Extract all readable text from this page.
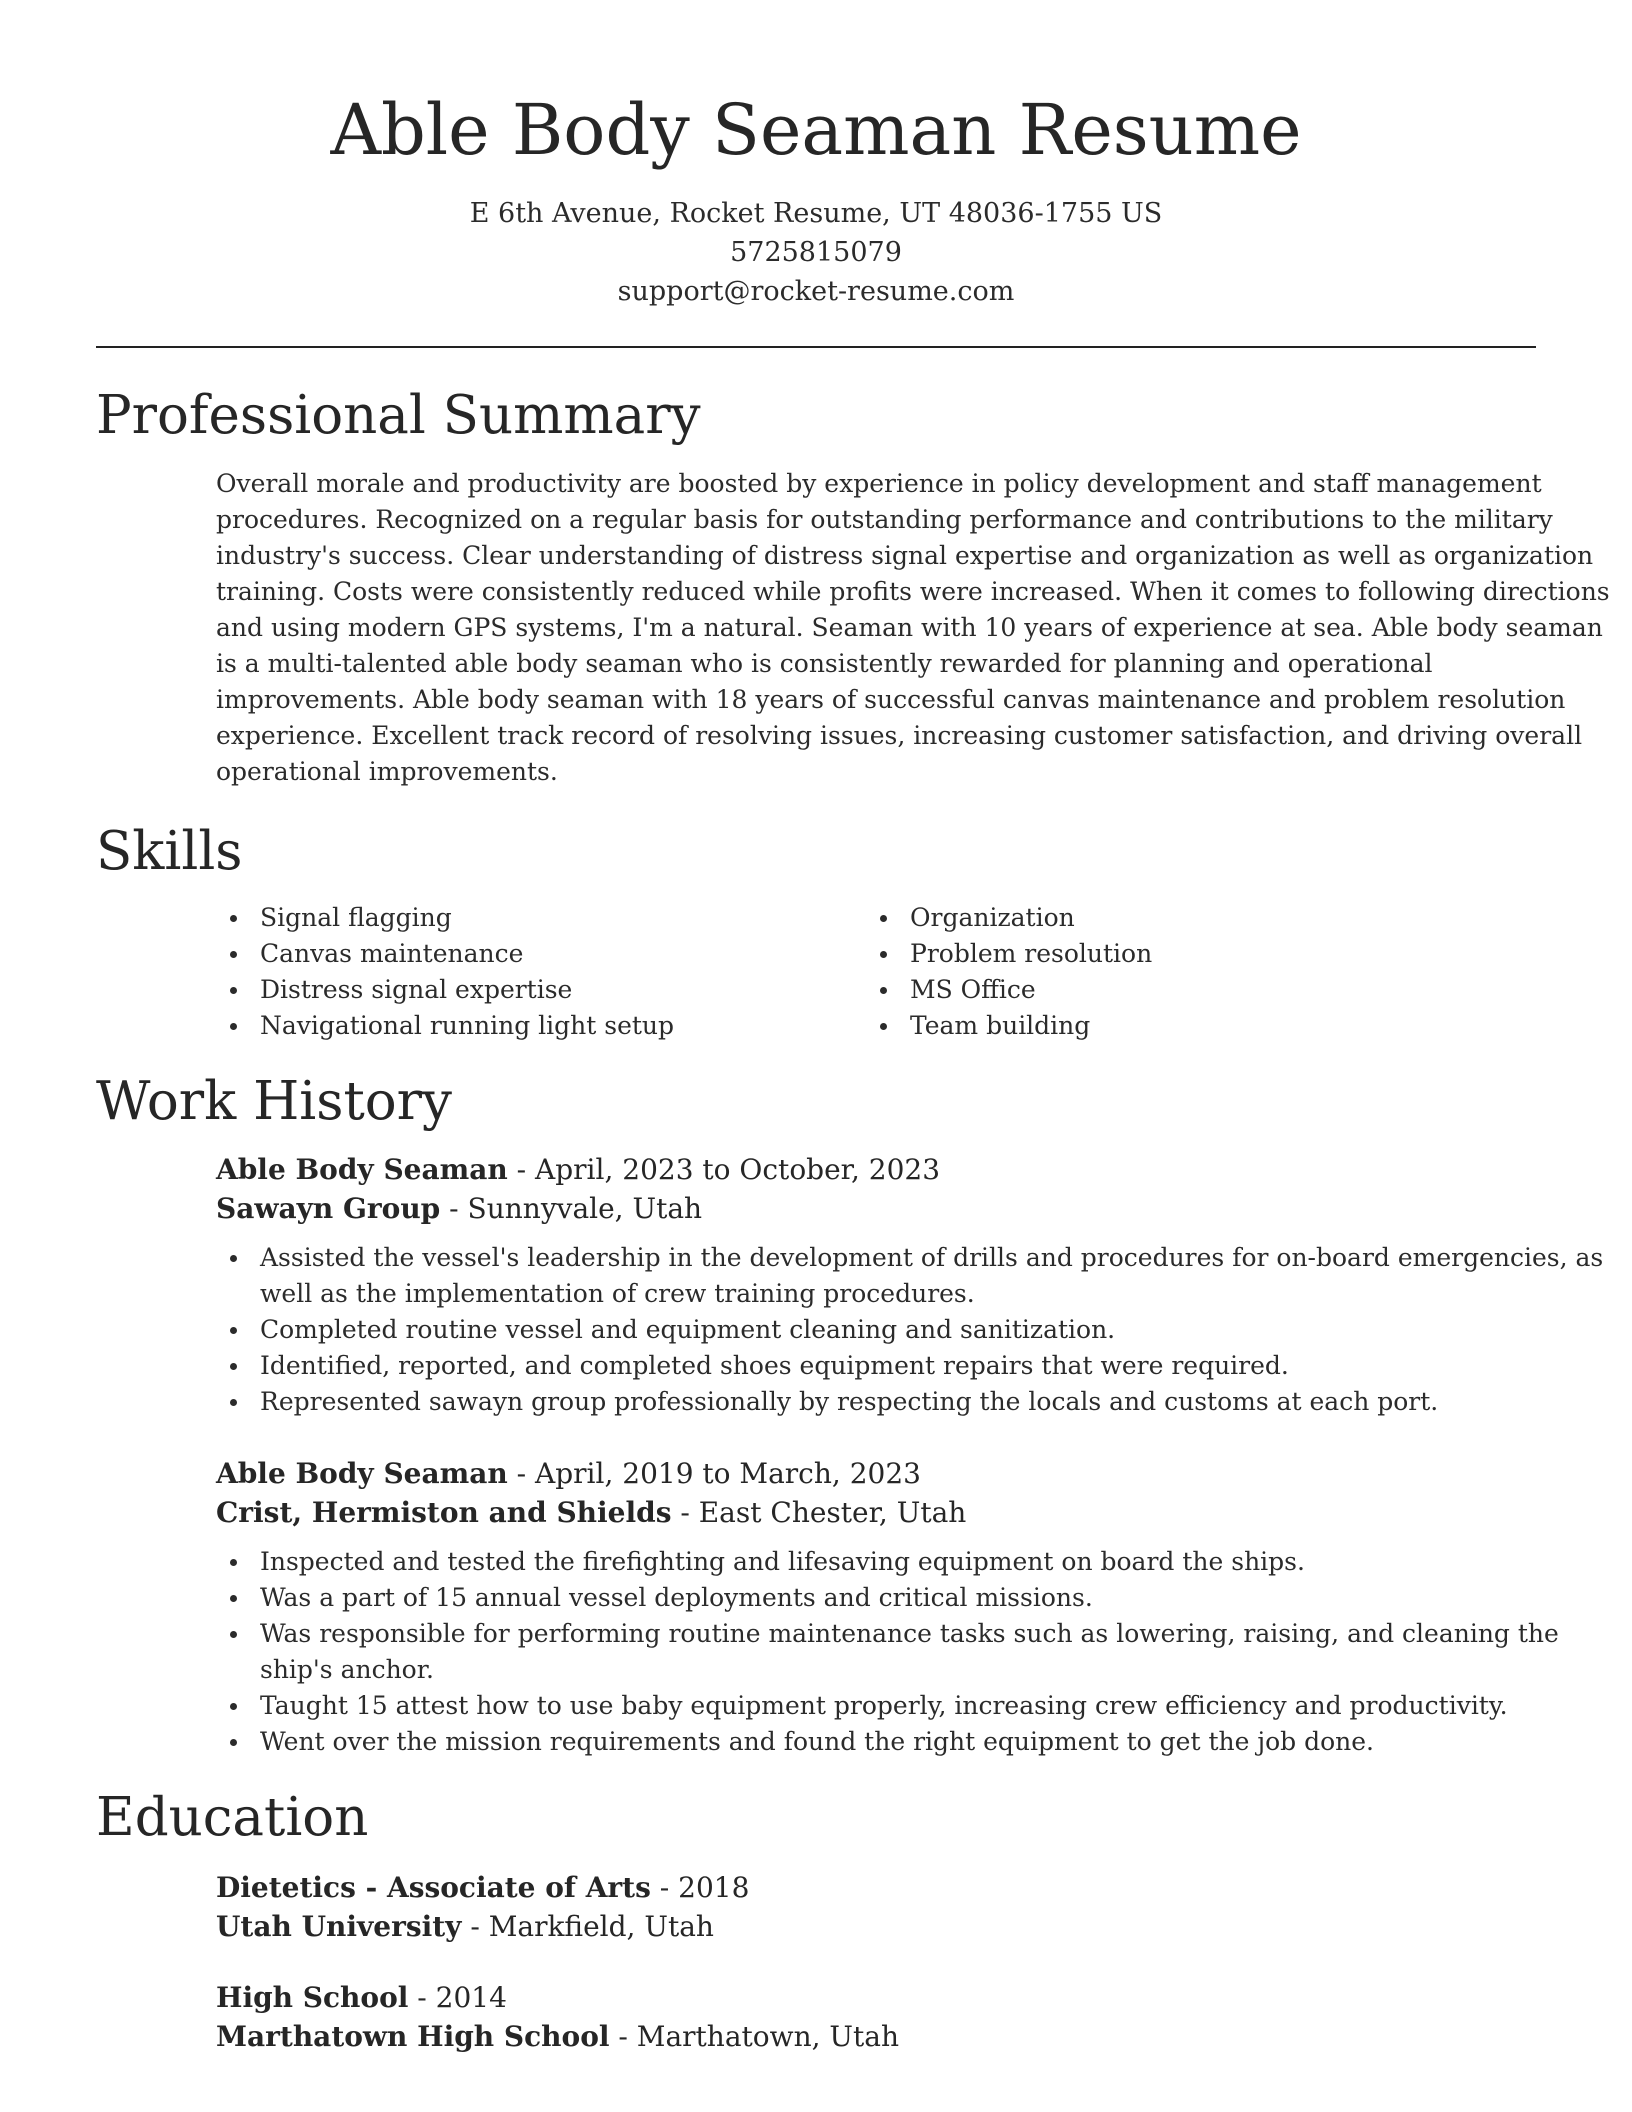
Able Body Seaman Resume
E 6th Avenue, Rocket Resume, UT 48036-1755 US
5725815079
support@rocket-resume.com
Professional Summary

Overall morale and productivity are boosted by experience in policy development and staff management procedures. Recognized on a regular basis for outstanding performance and contributions to the military industry's success. Clear understanding of distress signal expertise and organization as well as organization training. Costs were consistently reduced while profits were increased. When it comes to following directions and using modern GPS systems, I'm a natural. Seaman with 10 years of experience at sea. Able body seaman is a multi-talented able body seaman who is consistently rewarded for planning and operational improvements. Able body seaman with 18 years of successful canvas maintenance and problem resolution experience. Excellent track record of resolving issues, increasing customer satisfaction, and driving overall operational improvements.

Skills
Signal flagging
Canvas maintenance
Distress signal expertise
Navigational running light setup
Organization
Problem resolution
MS Office
Team building
Work History
Able Body Seaman - April, 2023 to October, 2023
Sawayn Group - Sunnyvale, Utah
Assisted the vessel's leadership in the development of drills and procedures for on-board emergencies, as well as the implementation of crew training procedures.
Completed routine vessel and equipment cleaning and sanitization.
Identified, reported, and completed shoes equipment repairs that were required.
Represented sawayn group professionally by respecting the locals and customs at each port.
Able Body Seaman - April, 2019 to March, 2023
Crist, Hermiston and Shields - East Chester, Utah
Inspected and tested the firefighting and lifesaving equipment on board the ships.
Was a part of 15 annual vessel deployments and critical missions.
Was responsible for performing routine maintenance tasks such as lowering, raising, and cleaning the ship's anchor.
Taught 15 attest how to use baby equipment properly, increasing crew efficiency and productivity.
Went over the mission requirements and found the right equipment to get the job done.
Education
Dietetics - Associate of Arts - 2018
Utah University - Markfield, Utah
High School - 2014
Marthatown High School - Marthatown, Utah
